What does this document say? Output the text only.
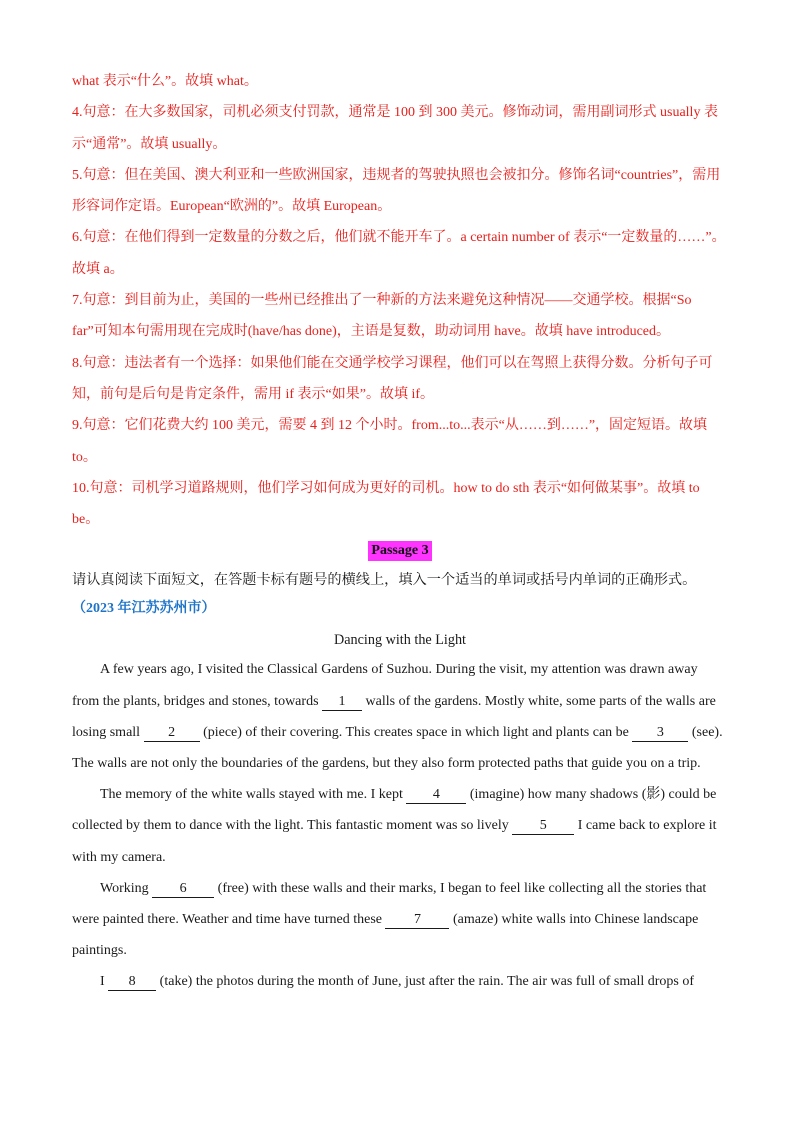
what 表示“什么”。故填 what。

4.句意：在大多数国家，司机必须支付罚款，通常是 100 到 300 美元。修饰动词，需用副词形式 usually 表示“通常”。故填 usually。

5.句意：但在美国、澳大利亚和一些欧洲国家，违规者的驾驶执照也会被扣分。修饰名词“countries”，需用形容词作定语。European“欧洲的”。故填 European。

6.句意：在他们得到一定数量的分数之后，他们就不能开车了。a certain number of 表示“一定数量的……”。故填 a。

7.句意：到目前为止，美国的一些州已经推出了一种新的方法来避免这种情况——交通学校。根据“So far”可知本句需用现在完成时(have/has done)，主语是复数，助动词用 have。故填 have introduced。

8.句意：违法者有一个选择：如果他们能在交通学校学习课程，他们可以在驾照上获得分数。分析句子可知，前句是后句是肯定条件，需用 if 表示“如果”。故填 if。

9.句意：它们花费大约 100 美元，需要 4 到 12 个小时。from...to...表示“从……到……”，固定短语。故填 to。

10.句意：司机学习道路规则，他们学习如何成为更好的司机。how to do sth 表示“如何做某事”。故填 to be。

Passage 3

请认真阅读下面短文，在答题卡标有题号的横线上，填入一个适当的单词或括号内单词的正确形式。

（2023 年江苏苏州市）

Dancing with the Light

A few years ago, I visited the Classical Gardens of Suzhou. During the visit, my attention was drawn away from the plants, bridges and stones, towards 1 walls of the gardens. Mostly white, some parts of the walls are losing small 2 (piece) of their covering. This creates space in which light and plants can be 3 (see). The walls are not only the boundaries of the gardens, but they also form protected paths that guide you on a trip.

The memory of the white walls stayed with me. I kept 4 (imagine) how many shadows (影) could be collected by them to dance with the light. This fantastic moment was so lively 5 I came back to explore it with my camera.

Working 6 (free) with these walls and their marks, I began to feel like collecting all the stories that were painted there. Weather and time have turned these 7 (amaze) white walls into Chinese landscape paintings.

I 8 (take) the photos during the month of June, just after the rain. The air was full of small drops of
